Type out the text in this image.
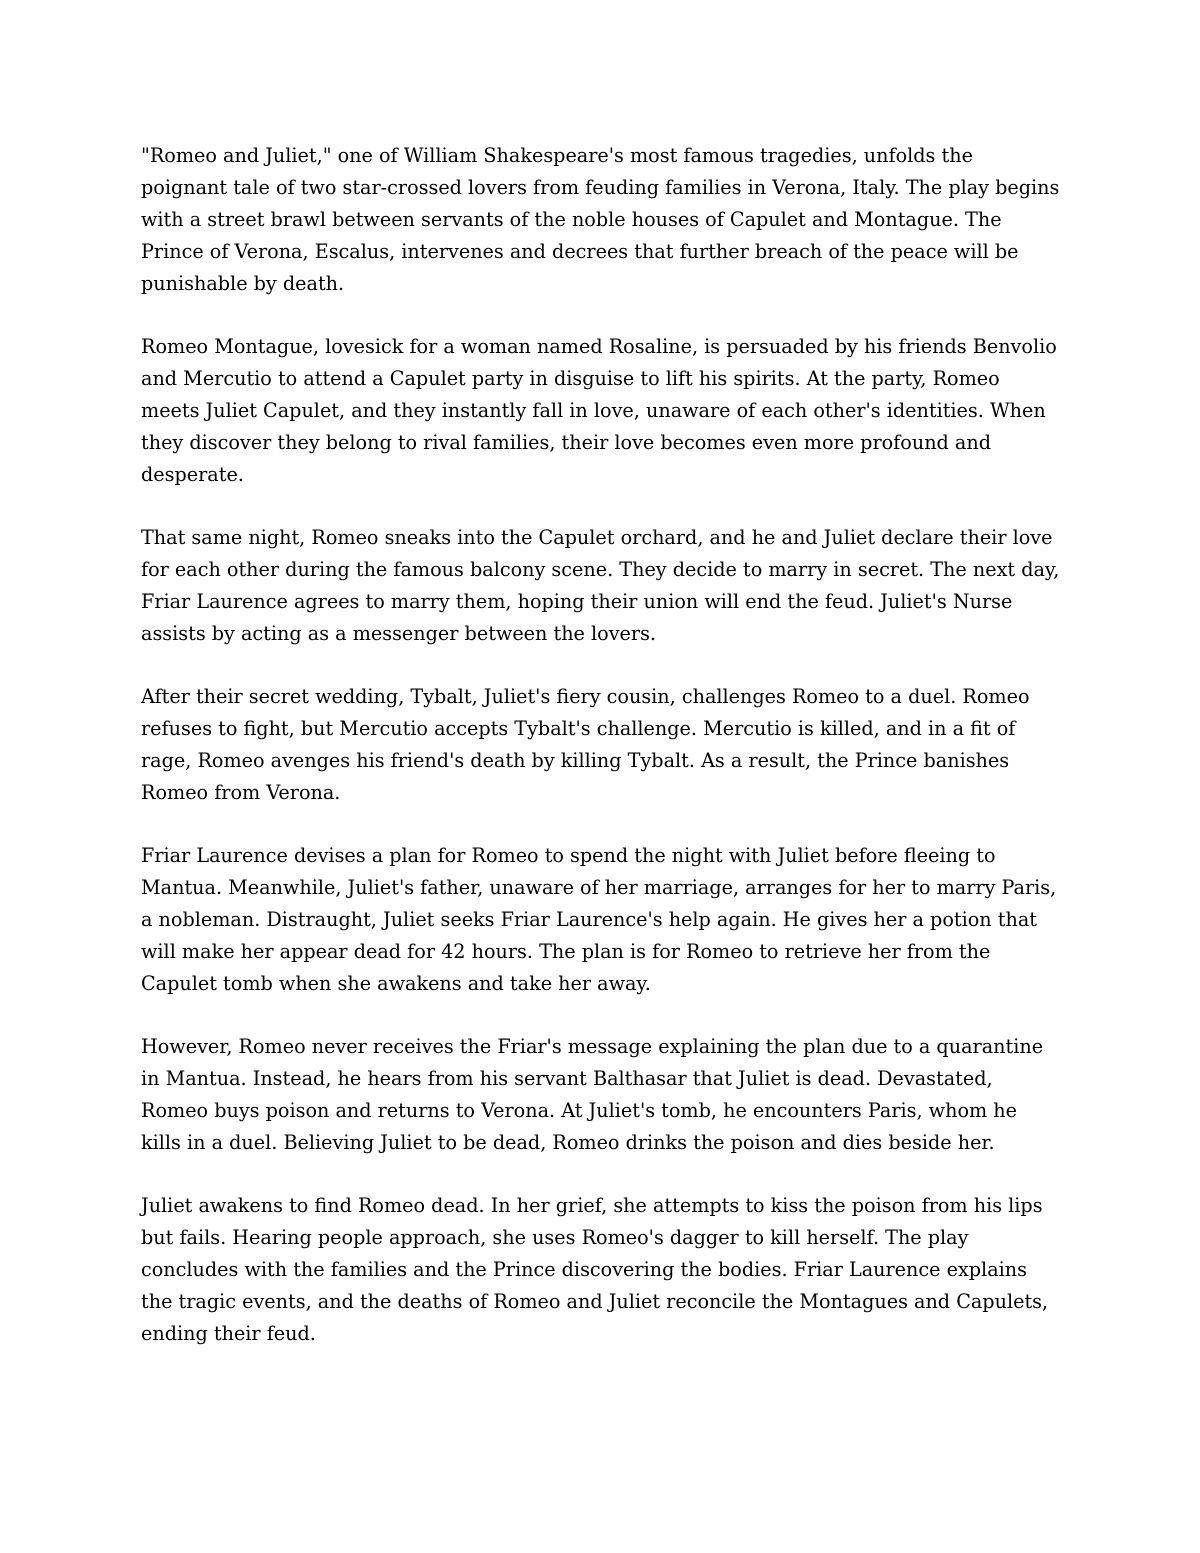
"Romeo and Juliet," one of William Shakespeare's most famous tragedies, unfolds the poignant tale of two star-crossed lovers from feuding families in Verona, Italy. The play begins with a street brawl between servants of the noble houses of Capulet and Montague. The Prince of Verona, Escalus, intervenes and decrees that further breach of the peace will be punishable by death.

Romeo Montague, lovesick for a woman named Rosaline, is persuaded by his friends Benvolio and Mercutio to attend a Capulet party in disguise to lift his spirits. At the party, Romeo meets Juliet Capulet, and they instantly fall in love, unaware of each other's identities. When they discover they belong to rival families, their love becomes even more profound and desperate.

That same night, Romeo sneaks into the Capulet orchard, and he and Juliet declare their love for each other during the famous balcony scene. They decide to marry in secret. The next day, Friar Laurence agrees to marry them, hoping their union will end the feud. Juliet's Nurse assists by acting as a messenger between the lovers.

After their secret wedding, Tybalt, Juliet's fiery cousin, challenges Romeo to a duel. Romeo refuses to fight, but Mercutio accepts Tybalt's challenge. Mercutio is killed, and in a fit of rage, Romeo avenges his friend's death by killing Tybalt. As a result, the Prince banishes Romeo from Verona.

Friar Laurence devises a plan for Romeo to spend the night with Juliet before fleeing to Mantua. Meanwhile, Juliet's father, unaware of her marriage, arranges for her to marry Paris, a nobleman. Distraught, Juliet seeks Friar Laurence's help again. He gives her a potion that will make her appear dead for 42 hours. The plan is for Romeo to retrieve her from the Capulet tomb when she awakens and take her away.

However, Romeo never receives the Friar's message explaining the plan due to a quarantine in Mantua. Instead, he hears from his servant Balthasar that Juliet is dead. Devastated, Romeo buys poison and returns to Verona. At Juliet's tomb, he encounters Paris, whom he kills in a duel. Believing Juliet to be dead, Romeo drinks the poison and dies beside her.

Juliet awakens to find Romeo dead. In her grief, she attempts to kiss the poison from his lips but fails. Hearing people approach, she uses Romeo's dagger to kill herself. The play concludes with the families and the Prince discovering the bodies. Friar Laurence explains the tragic events, and the deaths of Romeo and Juliet reconcile the Montagues and Capulets, ending their feud.
